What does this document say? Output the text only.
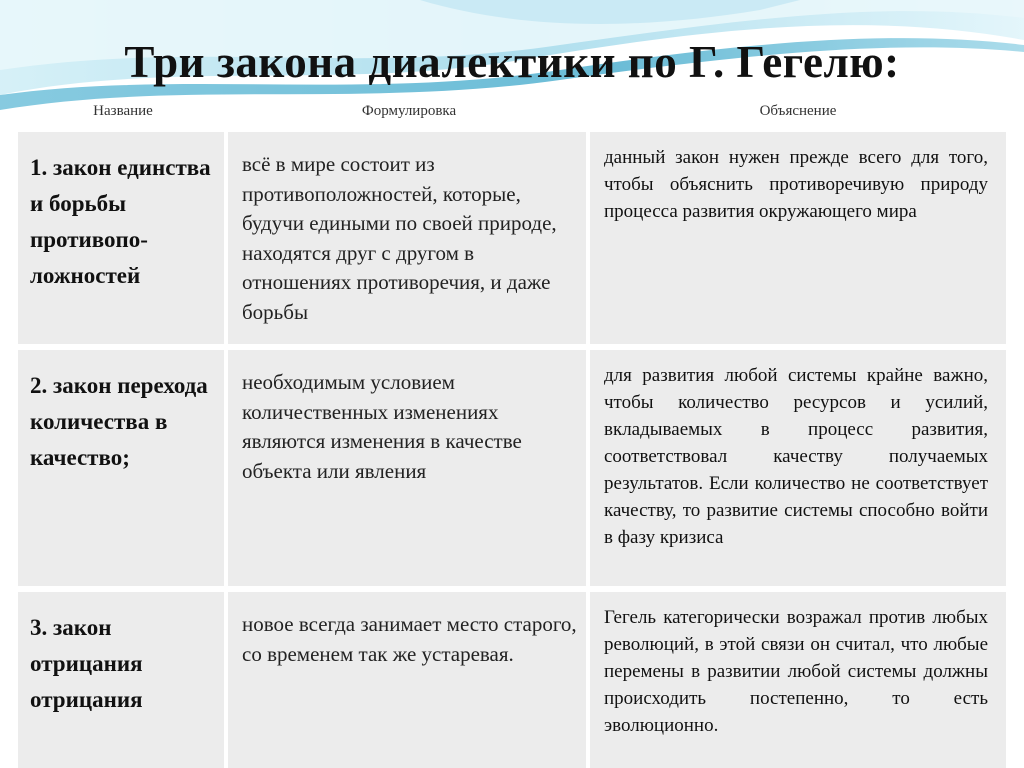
Три закона диалектики по Г. Гегелю:
Название	Формулировка	Объяснение
1. закон единства и борьбы противопо-ложностей
всё в мире состоит из противоположностей, которые, будучи едиными по своей природе, находятся друг с другом в отношениях противоречия, и даже борьбы
данный закон нужен прежде всего для того, чтобы объяснить противоречивую природу процесса развития окружающего мира
2. закон перехода количества в качество;
необходимым условием количественных изменениях являются изменения в качестве объекта или явления
для развития любой системы крайне важно, чтобы количество ресурсов и усилий, вкладываемых в процесс развития, соответствовал качеству получаемых результатов. Если количество не соответствует качеству, то развитие системы способно войти в фазу кризиса
3. закон отрицания отрицания
новое всегда занимает место старого, со временем так же устаревая.
Гегель категорически возражал против любых революций, в этой связи он считал, что любые перемены в развитии любой системы должны происходить постепенно, то есть эволюционно.
